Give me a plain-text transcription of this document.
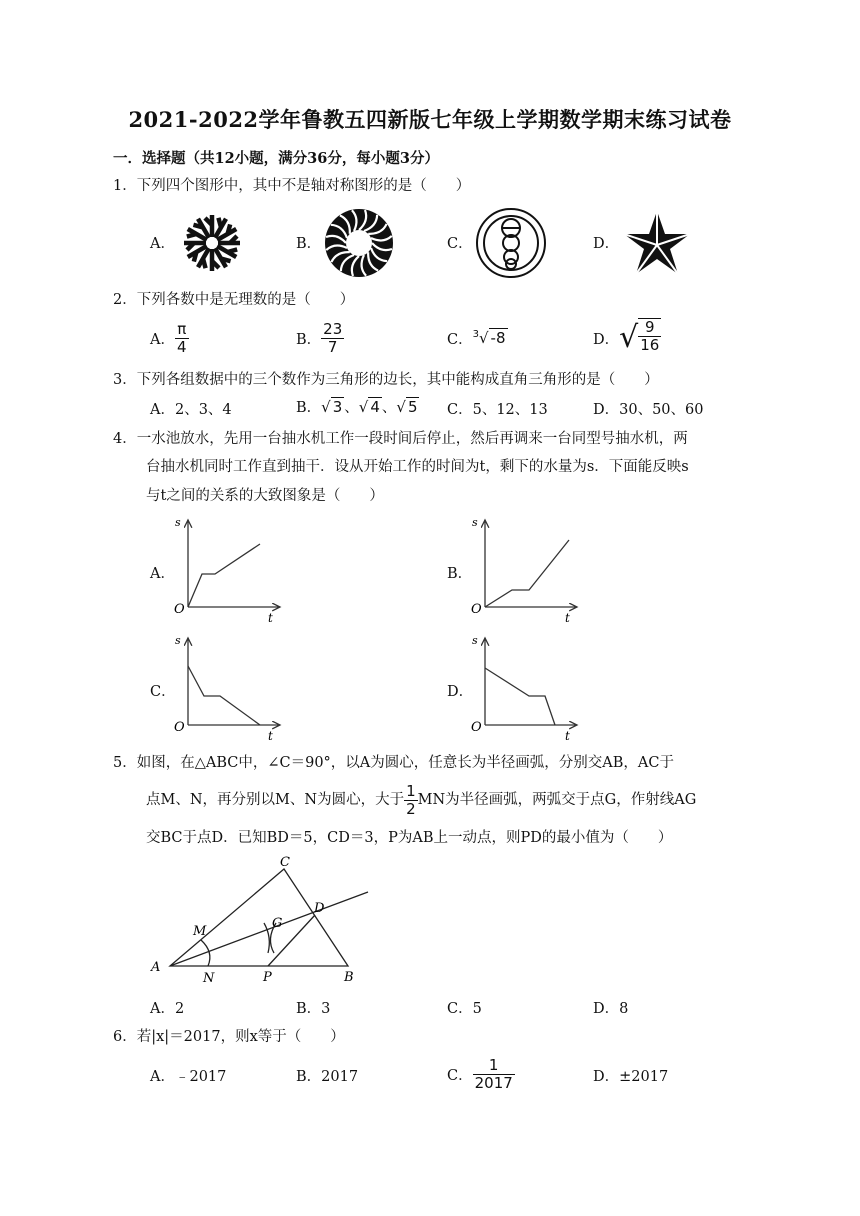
2021-2022学年鲁教五四新版七年级上学期数学期末练习试卷
一．选择题（共12小题，满分36分，每小题3分）
1．下列四个图形中，其中不是轴对称图形的是（　　）
A．	B．	C．	D．
2．下列各数中是无理数的是（　　）
A． $\frac{\pi}{4}$	B． $\frac{23}{7}$	C． $^3$√ -8	D． √ $\frac{9}{16}$
3．下列各组数据中的三个数作为三角形的边长，其中能构成直角三角形的是（　　）
A．2、3、4	B．√ 3 、√ 4 、√ 5 C．5、12、13	D．30、50、60
4．一水池放水，先用一台抽水机工作一段时间后停止，然后再调来一台同型号抽水机，两
台抽水机同时工作直到抽干．设从开始工作的时间为t，剩下的水量为s．下面能反映s
与t之间的关系的大致图象是（　　）
A．	B．
C．	D．
s
t
O
s
t
O
s
t
O
s
t
O
5．如图，在△ABC中，∠C＝90°，以A为圆心，任意长为半径画弧，分别交AB，AC于
点M、N，再分别以M、N为圆心，大于 $\frac{1}{2}$ MN为半径画弧，两弧交于点G，作射线AG
交BC于点D．已知BD＝5，CD＝3，P为AB上一动点，则PD的最小值为（　　）
A
B
C
D
G
M
N	P
A．2	B．3	C．5	D．8
6．若|x|＝2017，则x等于（　　）
A．﹣2017	B．2017	C． $\frac{1}{2017}$	D．±2017
